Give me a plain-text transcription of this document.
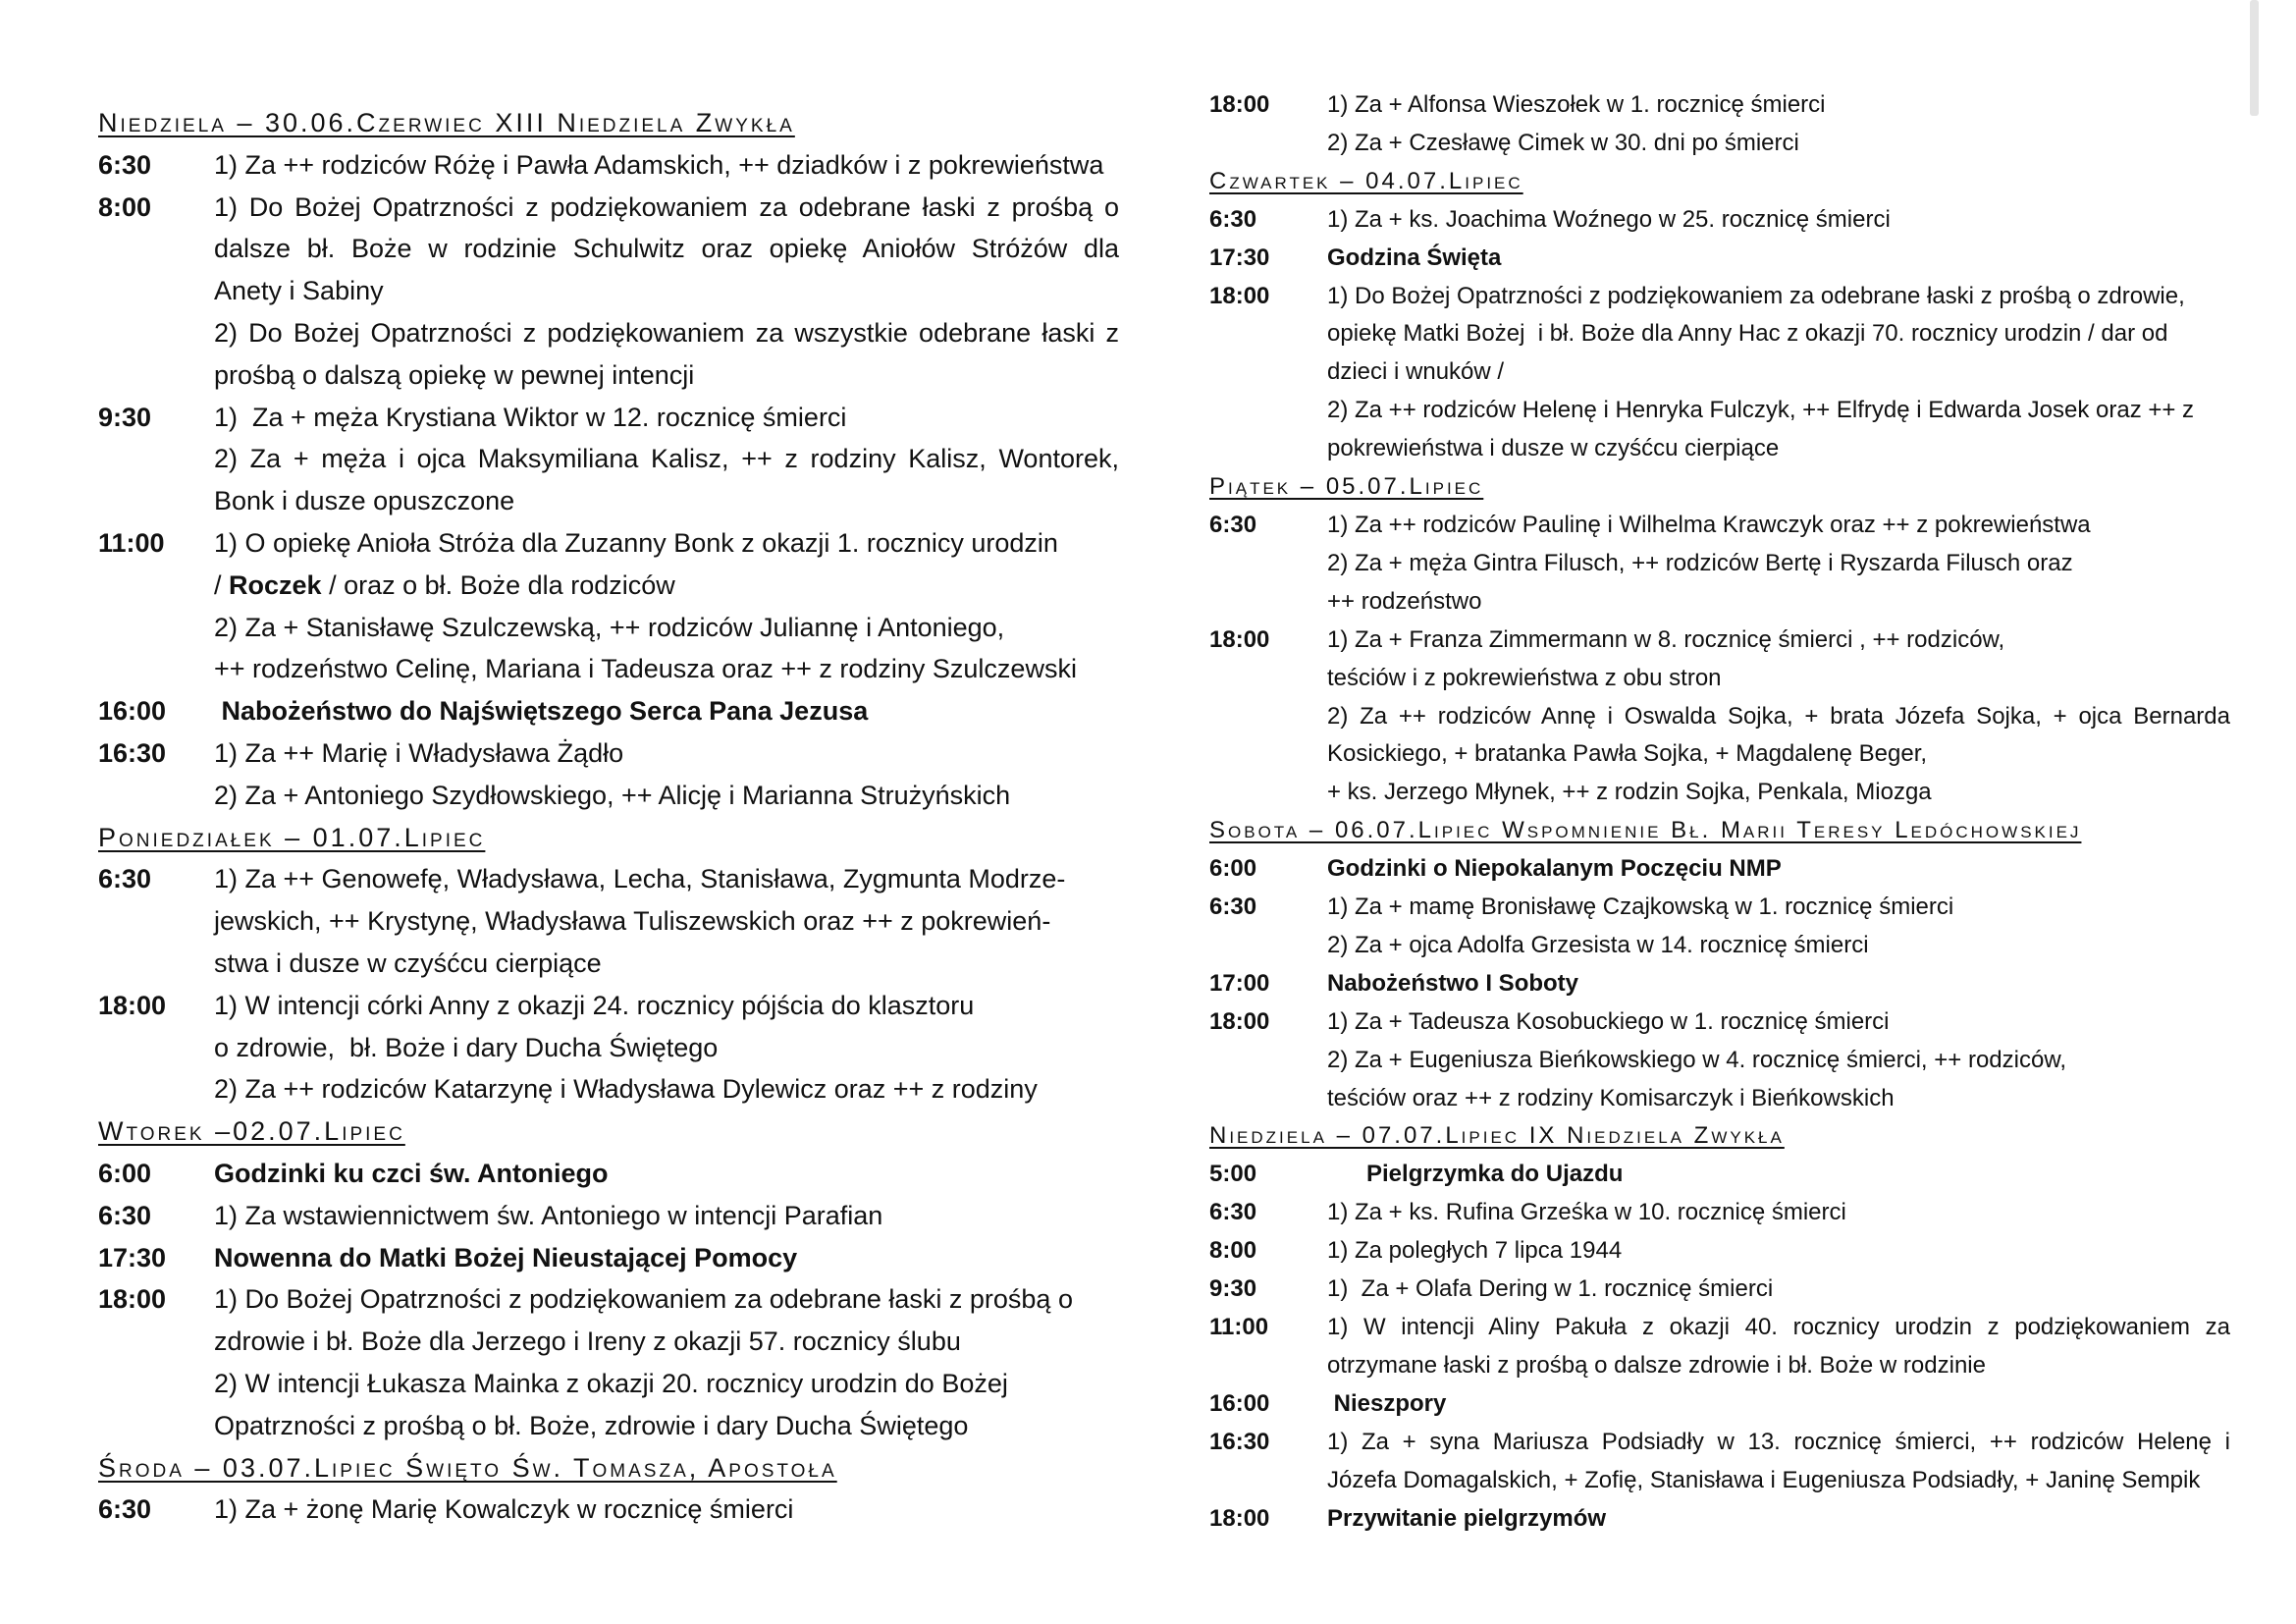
Niedziela – 30.06.Czerwiec XIII Niedziela Zwykła
6:30	1) Za ++ rodziców Różę i Pawła Adamskich, ++ dziadków i z pokrewieństwa
8:00	1) Do Bożej Opatrzności z podziękowaniem za odebrane łaski z prośbą o
dalsze bł. Boże w rodzinie Schulwitz oraz opiekę Aniołów Stróżów dla
Anety i Sabiny
2) Do Bożej Opatrzności z podziękowaniem za wszystkie odebrane łaski z
prośbą o dalszą opiekę w pewnej intencji
9:30	1)  Za + męża Krystiana Wiktor w 12. rocznicę śmierci
2) Za + męża i ojca Maksymiliana Kalisz, ++ z rodziny Kalisz, Wontorek,
Bonk i dusze opuszczone
11:00	1) O opiekę Anioła Stróża dla Zuzanny Bonk z okazji 1. rocznicy urodzin
/ Roczek / oraz o bł. Boże dla rodziców
2) Za + Stanisławę Szulczewską, ++ rodziców Juliannę i Antoniego,
++ rodzeństwo Celinę, Mariana i Tadeusza oraz ++ z rodziny Szulczewski
16:00	Nabożeństwo do Najświętszego Serca Pana Jezusa
16:30	1) Za ++ Marię i Władysława Żądło
2) Za + Antoniego Szydłowskiego, ++ Alicję i Marianna Strużyńskich
Poniedziałek – 01.07.Lipiec
6:30	1) Za ++ Genowefę, Władysława, Lecha, Stanisława, Zygmunta Modrze-
jewskich, ++ Krystynę, Władysława Tuliszewskich oraz ++ z pokrewień-
stwa i dusze w czyśćcu cierpiące
18:00	1) W intencji córki Anny z okazji 24. rocznicy pójścia do klasztoru
o zdrowie,  bł. Boże i dary Ducha Świętego
2) Za ++ rodziców Katarzynę i Władysława Dylewicz oraz ++ z rodziny
Wtorek –02.07.Lipiec
6:00	Godzinki ku czci św. Antoniego
6:30	1) Za wstawiennictwem św. Antoniego w intencji Parafian
17:30	Nowenna do Matki Bożej Nieustającej Pomocy
18:00	1) Do Bożej Opatrzności z podziękowaniem za odebrane łaski z prośbą o
zdrowie i bł. Boże dla Jerzego i Ireny z okazji 57. rocznicy ślubu
2) W intencji Łukasza Mainka z okazji 20. rocznicy urodzin do Bożej
Opatrzności z prośbą o bł. Boże, zdrowie i dary Ducha Świętego
Środa – 03.07.Lipiec Święto Św. Tomasza, Apostoła
6:30	1) Za + żonę Marię Kowalczyk w rocznicę śmierci
18:00	1) Za + Alfonsa Wieszołek w 1. rocznicę śmierci
2) Za + Czesławę Cimek w 30. dni po śmierci
Czwartek – 04.07.Lipiec
6:30	1) Za + ks. Joachima Woźnego w 25. rocznicę śmierci
17:30	Godzina Święta
18:00	1) Do Bożej Opatrzności z podziękowaniem za odebrane łaski z prośbą o zdrowie,
opiekę Matki Bożej  i bł. Boże dla Anny Hac z okazji 70. rocznicy urodzin / dar od
dzieci i wnuków /
2) Za ++ rodziców Helenę i Henryka Fulczyk, ++ Elfrydę i Edwarda Josek oraz ++ z
pokrewieństwa i dusze w czyśćcu cierpiące
Piątek – 05.07.Lipiec
6:30	1) Za ++ rodziców Paulinę i Wilhelma Krawczyk oraz ++ z pokrewieństwa
2) Za + męża Gintra Filusch, ++ rodziców Bertę i Ryszarda Filusch oraz
++ rodzeństwo
18:00	1) Za + Franza Zimmermann w 8. rocznicę śmierci , ++ rodziców,
teściów i z pokrewieństwa z obu stron
2) Za ++ rodziców Annę i Oswalda Sojka, + brata Józefa Sojka, + ojca Bernarda
Kosickiego, + bratanka Pawła Sojka, + Magdalenę Beger,
+ ks. Jerzego Młynek, ++ z rodzin Sojka, Penkala, Miozga
Sobota – 06.07.Lipiec Wspomnienie Bł. Marii Teresy Ledóchowskiej
6:00	Godzinki o Niepokalanym Poczęciu NMP
6:30	1) Za + mamę Bronisławę Czajkowską w 1. rocznicę śmierci
2) Za + ojca Adolfa Grzesista w 14. rocznicę śmierci
17:00	Nabożeństwo I Soboty
18:00	1) Za + Tadeusza Kosobuckiego w 1. rocznicę śmierci
2) Za + Eugeniusza Bieńkowskiego w 4. rocznicę śmierci, ++ rodziców,
teściów oraz ++ z rodziny Komisarczyk i Bieńkowskich
Niedziela – 07.07.Lipiec IX Niedziela Zwykła
5:00	Pielgrzymka do Ujazdu
6:30	1) Za + ks. Rufina Grześka w 10. rocznicę śmierci
8:00	1) Za poległych 7 lipca 1944
9:30	1)  Za + Olafa Dering w 1. rocznicę śmierci
11:00	1) W intencji Aliny Pakuła z okazji 40. rocznicy urodzin z podziękowaniem za
otrzymane łaski z prośbą o dalsze zdrowie i bł. Boże w rodzinie
16:00	Nieszpory
16:30	1) Za + syna Mariusza Podsiadły w 13. rocznicę śmierci, ++ rodziców Helenę i
Józefa Domagalskich, + Zofię, Stanisława i Eugeniusza Podsiadły, + Janinę Sempik
18:00	Przywitanie pielgrzymów
